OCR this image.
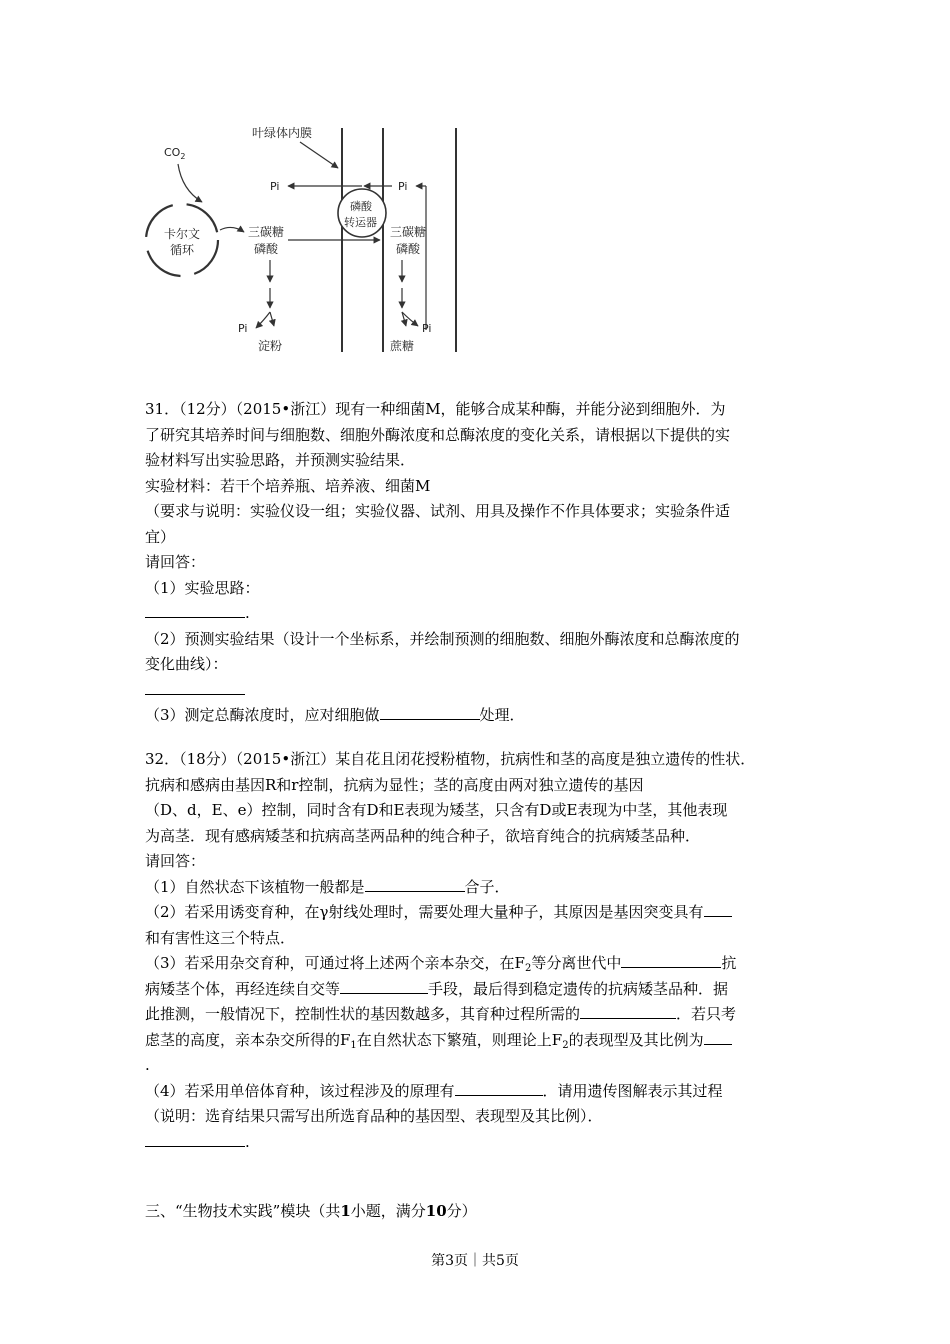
叶绿体内膜
$CO_2$
卡尔文
循环
Pi	Pi
磷酸
转运器
三碳糖
磷酸
三碳糖
磷酸
Pi
淀粉
Pi
蔗糖

31．（12分）（2015•浙江）现有一种细菌M，能够合成某种酶，并能分泌到细胞外．为

了研究其培养时间与细胞数、细胞外酶浓度和总酶浓度的变化关系，请根据以下提供的实

验材料写出实验思路，并预测实验结果．

实验材料：若干个培养瓶、培养液、细菌M

（要求与说明：实验仪设一组；实验仪器、试剂、用具及操作不作具体要求；实验条件适

宜）

请回答：

（1）实验思路：

.

（2）预测实验结果（设计一个坐标系，并绘制预测的细胞数、细胞外酶浓度和总酶浓度的

变化曲线）：

（3）测定总酶浓度时，应对细胞做	处理．

32．（18分）（2015•浙江）某自花且闭花授粉植物，抗病性和茎的高度是独立遗传的性状．

抗病和感病由基因R和r控制，抗病为显性；茎的高度由两对独立遗传的基因

（D、d，E、e）控制，同时含有D和E表现为矮茎，只含有D或E表现为中茎，其他表现

为高茎．现有感病矮茎和抗病高茎两品种的纯合种子，欲培育纯合的抗病矮茎品种．

请回答：

（1）自然状态下该植物一般都是	合子．

（2）若采用诱变育种，在γ射线处理时，需要处理大量种子，其原因是基因突变具有

和有害性这三个特点．

（3）若采用杂交育种，可通过将上述两个亲本杂交，在$F_2$等分离世代中	抗

病矮茎个体，再经连续自交等	手段，最后得到稳定遗传的抗病矮茎品种．据

此推测，一般情况下，控制性状的基因数越多，其育种过程所需的	．若只考

虑茎的高度，亲本杂交所得的$F_1$在自然状态下繁殖，则理论上$F_2$的表现型及其比例为

.

（4）若采用单倍体育种，该过程涉及的原理有	．请用遗传图解表示其过程

（说明：选育结果只需写出所选育品种的基因型、表现型及其比例）．

.

三、“生物技术实践”模块（共1小题，满分10分）
第3页｜共5页
